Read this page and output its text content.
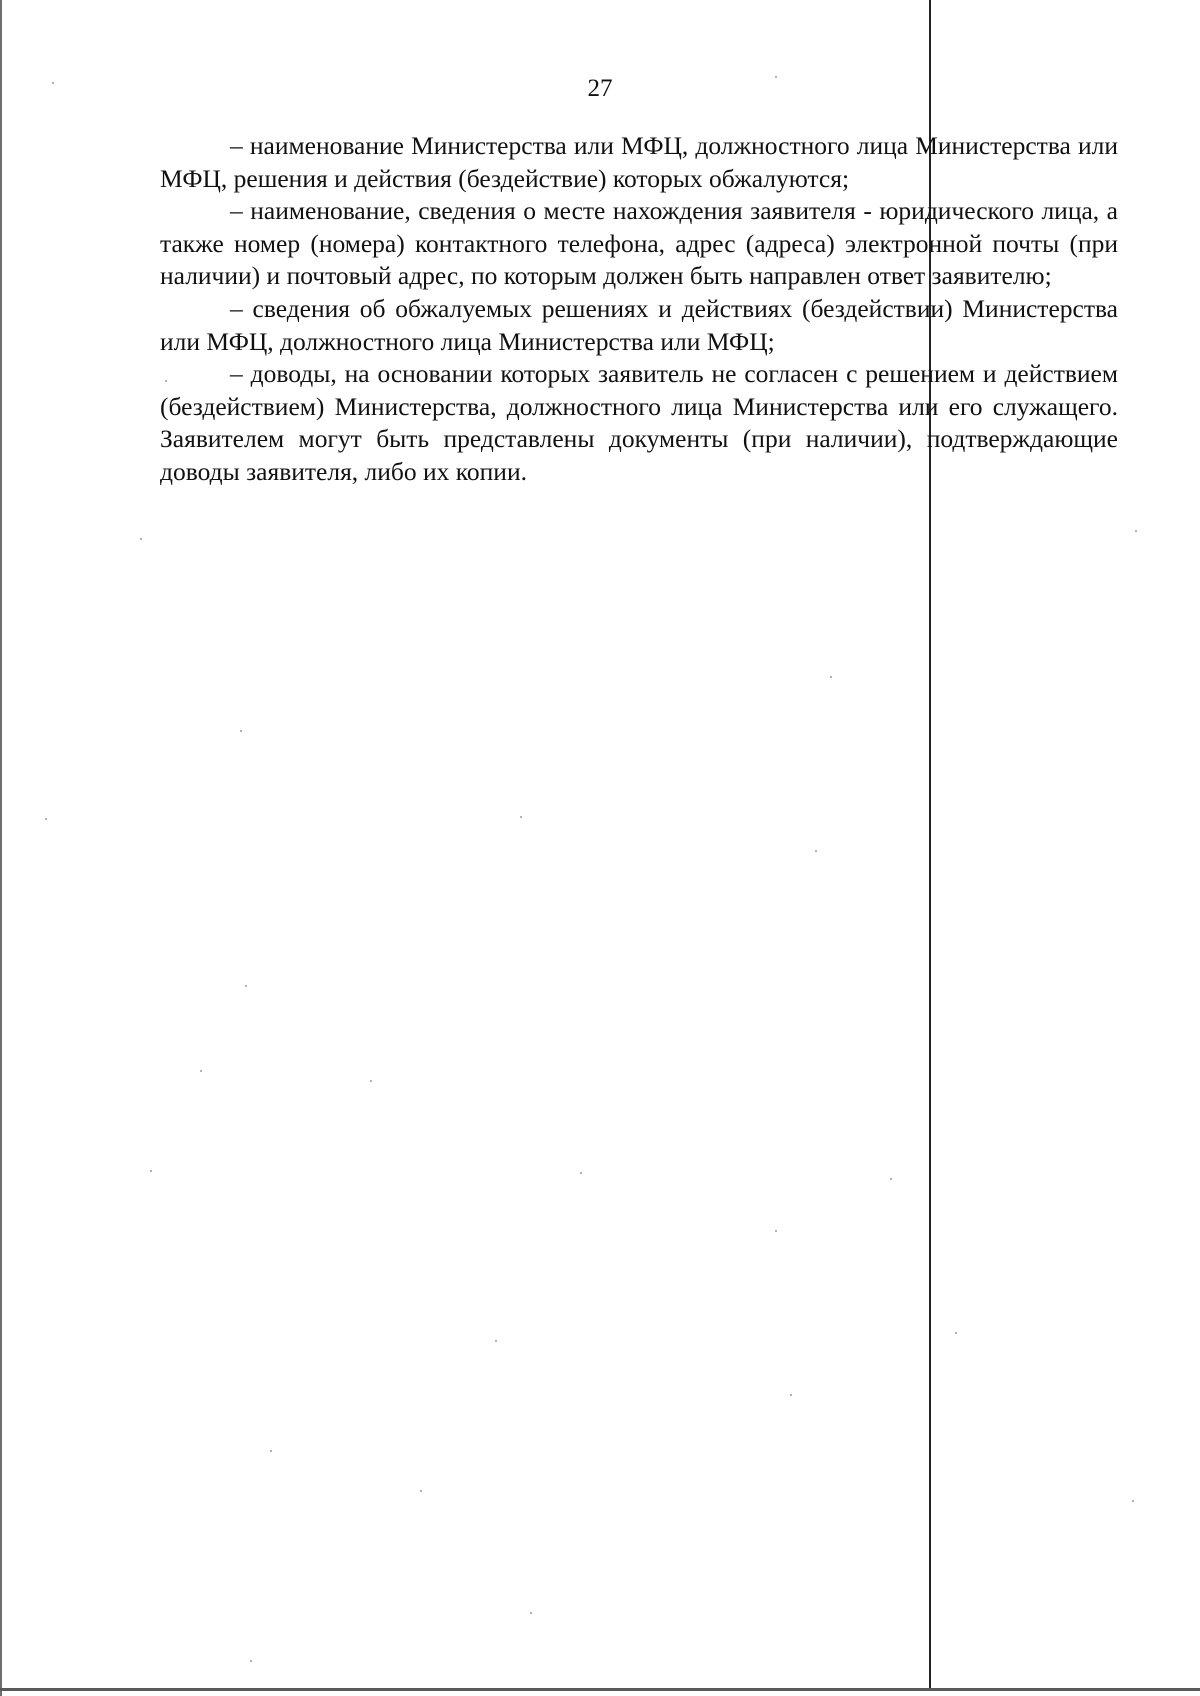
27

– наименование Министерства или МФЦ, должностного лица Министерства или МФЦ, решения и действия (бездействие) которых обжалуются;

– наименование, сведения о месте нахождения заявителя - юридического лица, а также номер (номера) контактного телефона, адрес (адреса) электронной почты (при наличии) и почтовый адрес, по которым должен быть направлен ответ заявителю;

– сведения об обжалуемых решениях и действиях (бездействии) Министерства или МФЦ, должностного лица Министерства или МФЦ;

– доводы, на основании которых заявитель не согласен с решением и действием (бездействием) Министерства, должностного лица Министерства или его служащего. Заявителем могут быть представлены документы (при наличии), подтверждающие доводы заявителя, либо их копии.
